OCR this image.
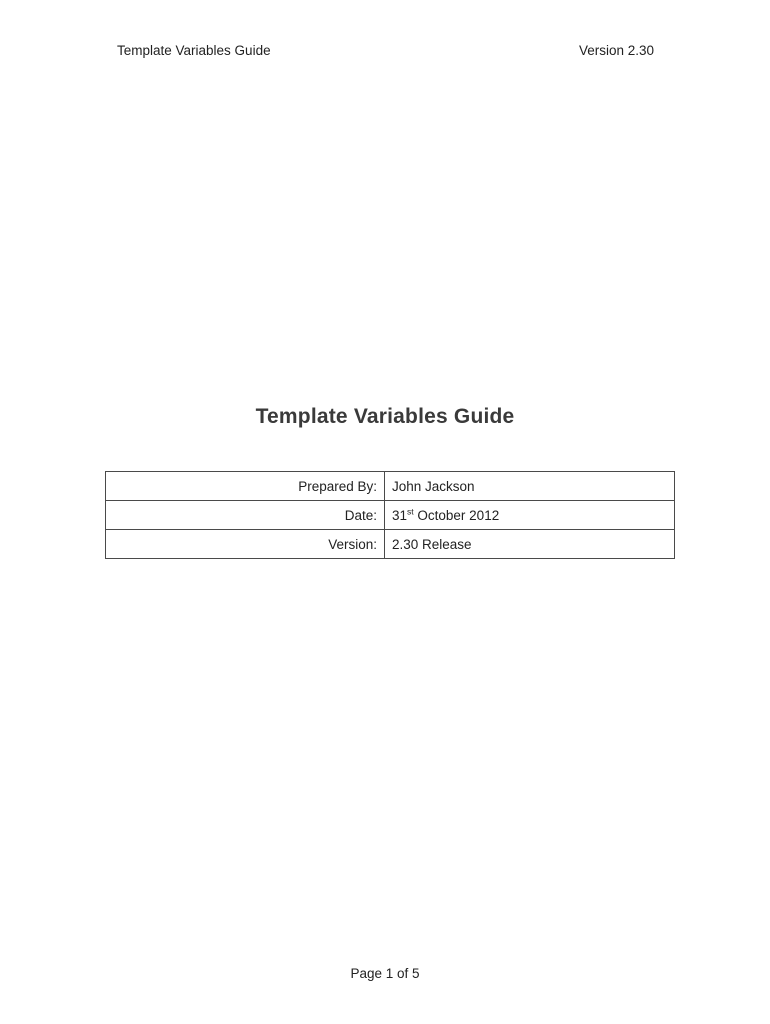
Template Variables Guide	Version 2.30
Template Variables Guide
Prepared By:	John Jackson
Date:	31st October 2012
Version:	2.30 Release
Page 1 of 5
